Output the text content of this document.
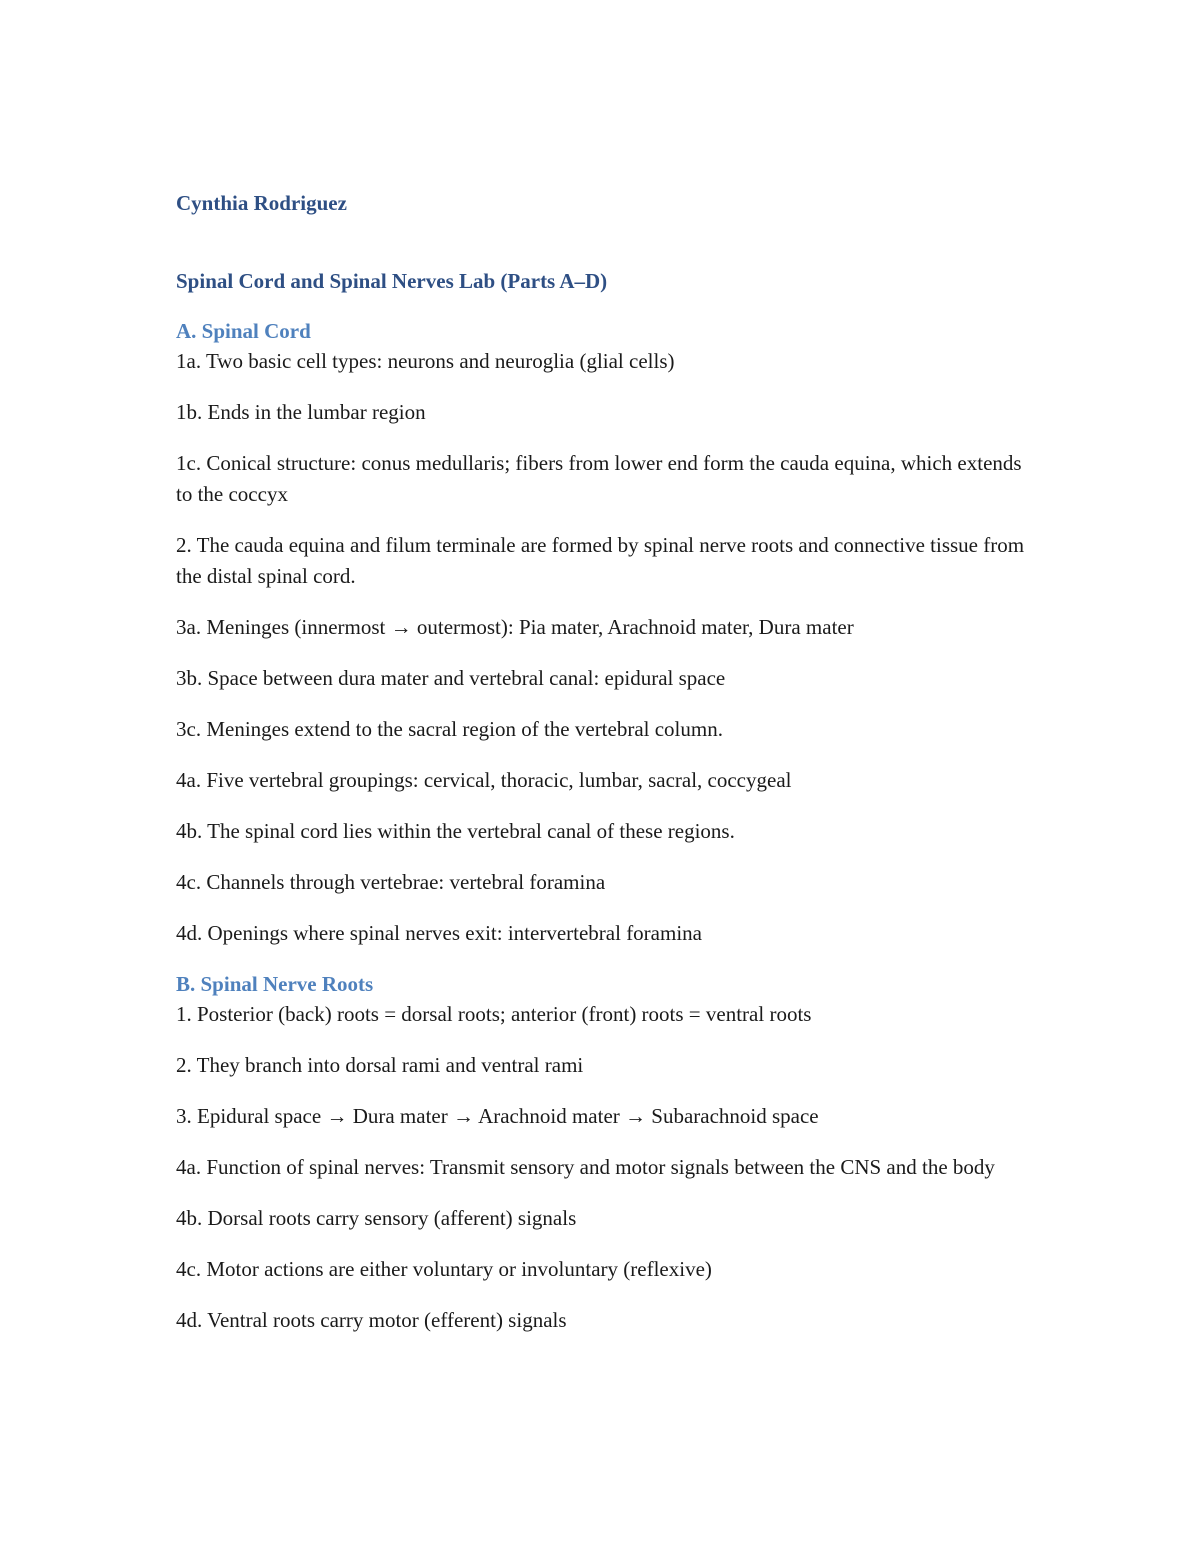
Cynthia Rodriguez

Spinal Cord and Spinal Nerves Lab (Parts A–D)

A. Spinal Cord

1a. Two basic cell types: neurons and neuroglia (glial cells)

1b. Ends in the lumbar region

1c. Conical structure: conus medullaris; fibers from lower end form the cauda equina, which extends to the coccyx

2. The cauda equina and filum terminale are formed by spinal nerve roots and connective tissue from the distal spinal cord.

3a. Meninges (innermost → outermost): Pia mater, Arachnoid mater, Dura mater

3b. Space between dura mater and vertebral canal: epidural space

3c. Meninges extend to the sacral region of the vertebral column.

4a. Five vertebral groupings: cervical, thoracic, lumbar, sacral, coccygeal

4b. The spinal cord lies within the vertebral canal of these regions.

4c. Channels through vertebrae: vertebral foramina

4d. Openings where spinal nerves exit: intervertebral foramina

B. Spinal Nerve Roots

1. Posterior (back) roots = dorsal roots; anterior (front) roots = ventral roots

2. They branch into dorsal rami and ventral rami

3. Epidural space → Dura mater → Arachnoid mater → Subarachnoid space

4a. Function of spinal nerves: Transmit sensory and motor signals between the CNS and the body

4b. Dorsal roots carry sensory (afferent) signals

4c. Motor actions are either voluntary or involuntary (reflexive)

4d. Ventral roots carry motor (efferent) signals
